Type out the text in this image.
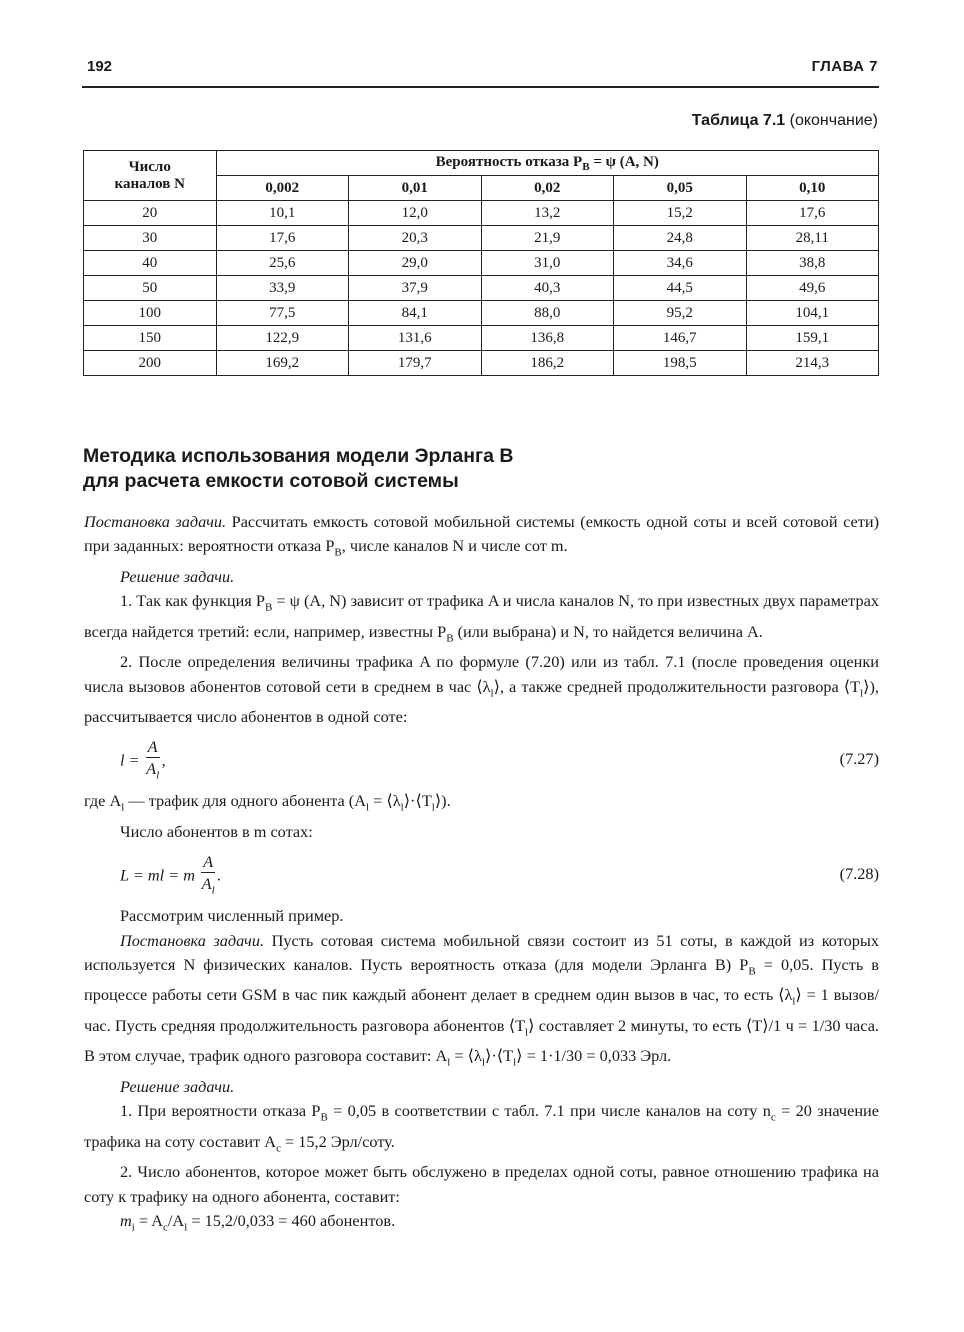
192	ГЛАВА 7
Таблица 7.1 (окончание)
Число
каналов N	Вероятность отказа $P_B = \psi$ (A, N)				
	0,002	0,01	0,02	0,05	0,10
20	10,1	12,0	13,2	15,2	17,6
30	17,6	20,3	21,9	24,8	28,11
40	25,6	29,0	31,0	34,6	38,8
50	33,9	37,9	40,3	44,5	49,6
100	77,5	84,1	88,0	95,2	104,1
150	122,9	131,6	136,8	146,7	159,1
200	169,2	179,7	186,2	198,5	214,3
Методика использования модели Эрланга B
для расчета емкости сотовой системы

Постановка задачи. Рассчитать емкость сотовой мобильной системы (емкость одной соты и всей сотовой сети) при заданных: вероятности отказа $P_B$, числе каналов N и числе сот m.

Решение задачи.

1. Так как функция $P_B = \psi$ (A, N) зависит от трафика A и числа каналов N, то при известных двух параметрах всегда найдется третий: если, например, известны $P_B$ (или выбрана) и N, то найдется величина A.

2. После определения величины трафика A по формуле (7.20) или из табл. 7.1 (после проведения оценки числа вызовов абонентов сотовой сети в среднем в час $⟨\lambda_l⟩$, а также средней продолжительности разговора $⟨T_l⟩$), рассчитывается число абонентов в одной соте:

$l = \frac{A}{A_l}$ ,	(7.27)

где $A_l$ — трафик для одного абонента ($A_l$ = $⟨\lambda_l⟩\cdot⟨T_l⟩$).

Число абонентов в m сотах:

L = ml = m $\frac{A}{A_l}$ .	(7.28)

Рассмотрим численный пример.

Постановка задачи. Пусть сотовая система мобильной связи состоит из 51 соты, в каждой из которых используется N физических каналов. Пусть вероятность отказа (для модели Эрланга B) $P_B = 0,05$. Пусть в процессе работы сети GSM в час пик каждый абонент делает в среднем один вызов в час, то есть $⟨\lambda_l⟩ = 1$ вызов/час. Пусть средняя продолжительность разговора абонентов $⟨T_l⟩$ составляет 2 минуты, то есть ⟨T⟩/1 ч = 1/30 часа. В этом случае, трафик одного разговора составит: $A_l$ = $⟨\lambda_l⟩\cdot⟨T_l⟩ = 1\cdot 1/30 = 0,033$ Эрл.

Решение задачи.

1. При вероятности отказа $P_B = 0,05$ в соответствии с табл. 7.1 при числе каналов на соту $n_c = 20$ значение трафика на соту составит $A_c = 15,2$ Эрл/соту.

2. Число абонентов, которое может быть обслужено в пределах одной соты, равное отношению трафика на соту к трафику на одного абонента, составит:

$m_i = A_c/A_l = 15,2/0,033 = 460$ абонентов.
